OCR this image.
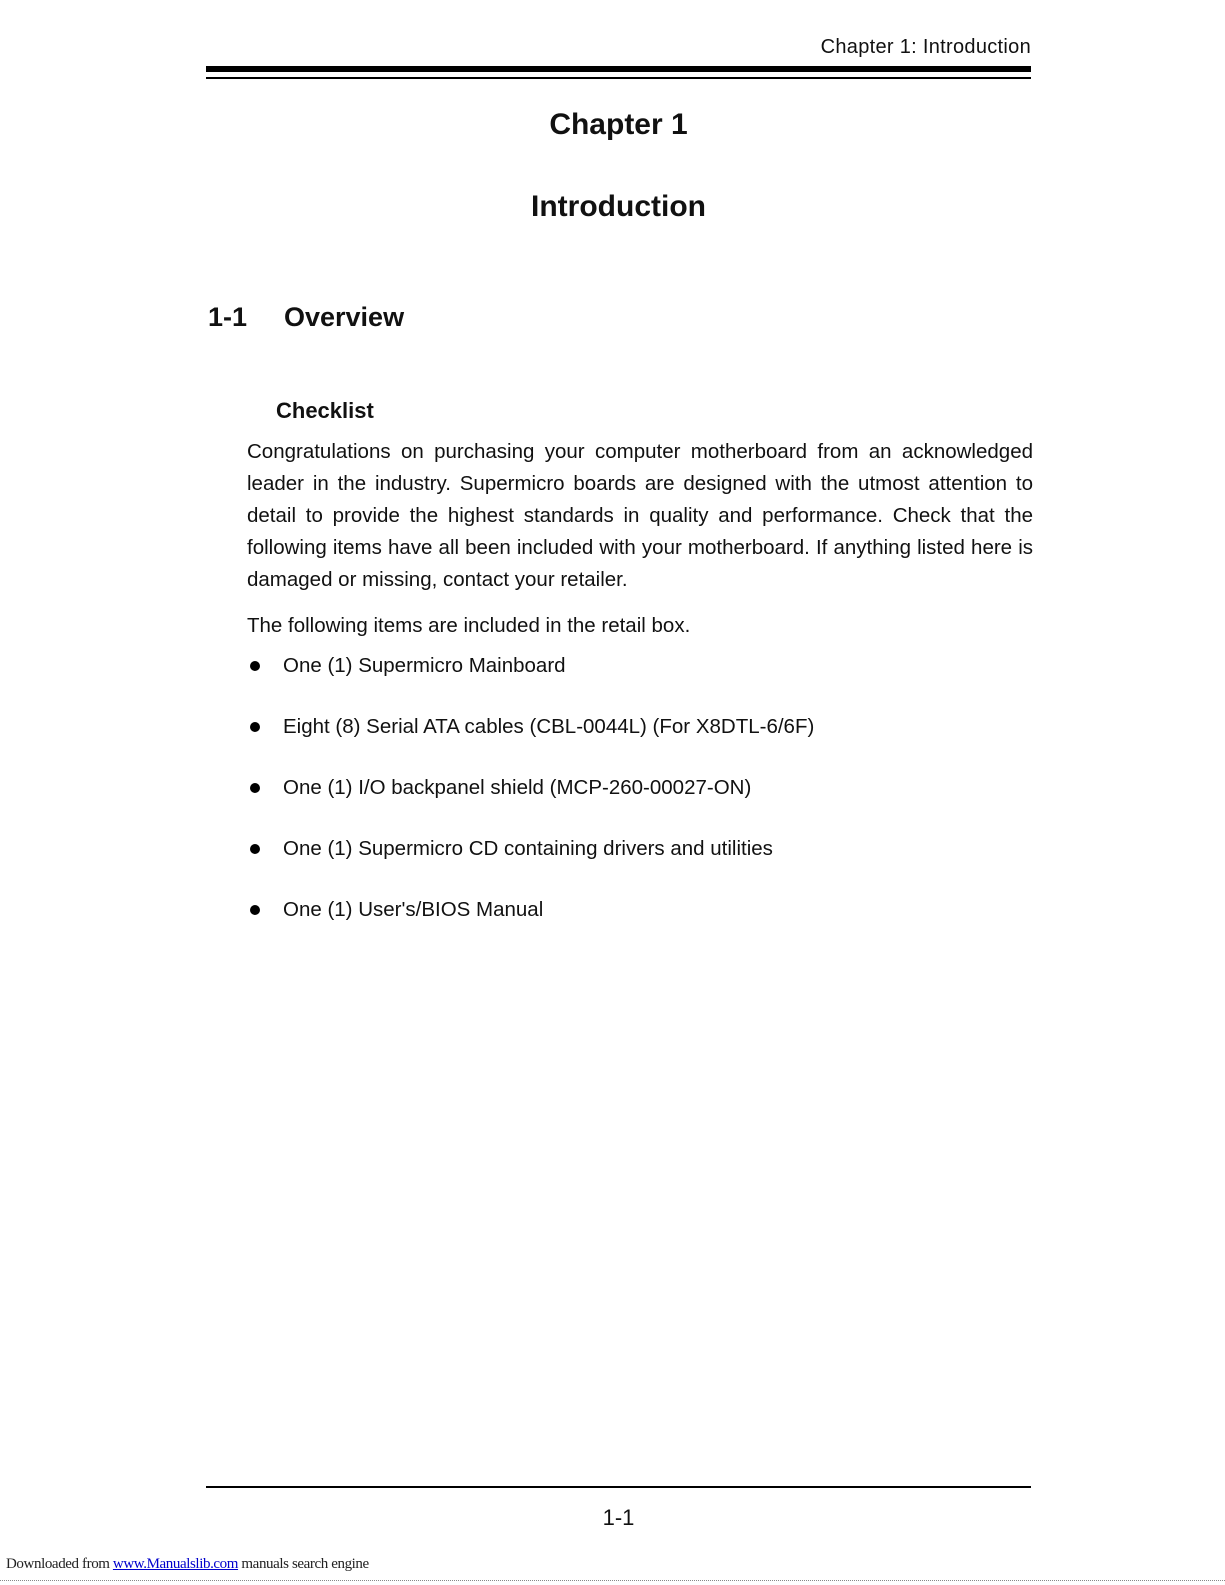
Chapter 1: Introduction
Chapter 1
Introduction
1-1 Overview
Checklist

Congratulations on purchasing your computer motherboard from an acknowledged leader in the industry. Supermicro boards are designed with the utmost attention to detail to provide the highest standards in quality and performance. Check that the following items have all been included with your motherboard. If anything listed here is damaged or missing, contact your retailer.

The following items are included in the retail box.
One (1) Supermicro Mainboard
Eight (8) Serial ATA cables (CBL-0044L) (For X8DTL-6/6F)
One (1) I/O backpanel shield (MCP-260-00027-ON)
One (1) Supermicro CD containing drivers and utilities
One (1) User's/BIOS Manual
1-1
Downloaded from www.Manualslib.com manuals search engine
